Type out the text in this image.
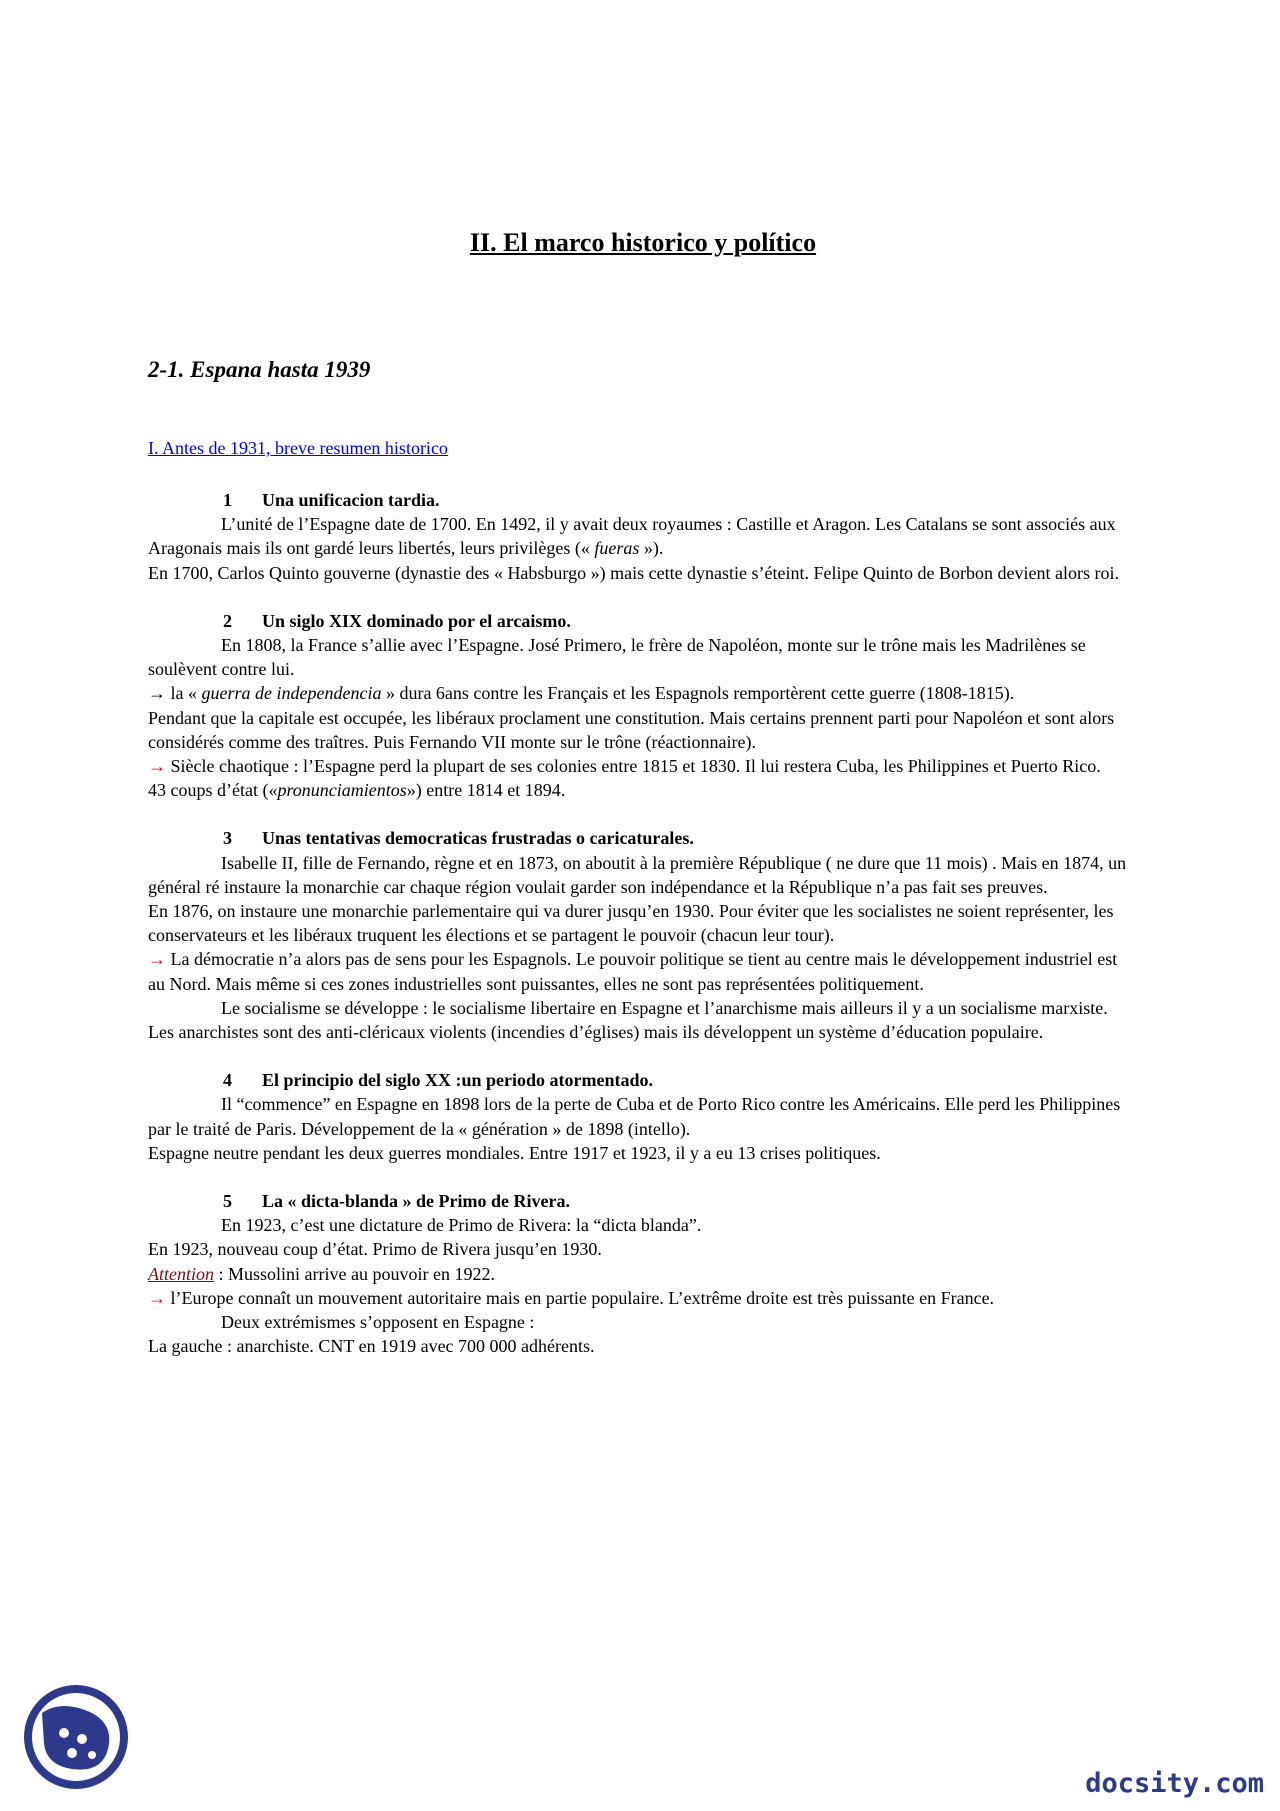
II. El marco historico y político
2-1. Espana hasta 1939
I. Antes de 1931, breve resumen historico
1 Una unificacion tardia.

L’unité de l’Espagne date de 1700. En 1492, il y avait deux royaumes : Castille et Aragon. Les Catalans se sont associés aux Aragonais mais ils ont gardé leurs libertés, leurs privilèges (« fueras »).

En 1700, Carlos Quinto gouverne (dynastie des « Habsburgo ») mais cette dynastie s’éteint. Felipe Quinto de Borbon devient alors roi.

2 Un siglo XIX dominado por el arcaismo.

En 1808, la France s’allie avec l’Espagne. José Primero, le frère de Napoléon, monte sur le trône mais les Madrilènes se soulèvent contre lui.

→ la « guerra de independencia » dura 6ans contre les Français et les Espagnols remportèrent cette guerre (1808-1815).

Pendant que la capitale est occupée, les libéraux proclament une constitution. Mais certains prennent parti pour Napoléon et sont alors considérés comme des traîtres. Puis Fernando VII monte sur le trône (réactionnaire).

→ Siècle chaotique : l’Espagne perd la plupart de ses colonies entre 1815 et 1830. Il lui restera Cuba, les Philippines et Puerto Rico.

43 coups d’état («pronunciamientos») entre 1814 et 1894.

3 Unas tentativas democraticas frustradas o caricaturales.

Isabelle II, fille de Fernando, règne et en 1873, on aboutit à la première République ( ne dure que 11 mois) . Mais en 1874, un général ré instaure la monarchie car chaque région voulait garder son indépendance et la République n’a pas fait ses preuves.

En 1876, on instaure une monarchie parlementaire qui va durer jusqu’en 1930. Pour éviter que les socialistes ne soient représenter, les conservateurs et les libéraux truquent les élections et se partagent le pouvoir (chacun leur tour).

→ La démocratie n’a alors pas de sens pour les Espagnols. Le pouvoir politique se tient au centre mais le développement industriel est au Nord. Mais même si ces zones industrielles sont puissantes, elles ne sont pas représentées politiquement.

Le socialisme se développe : le socialisme libertaire en Espagne et l’anarchisme mais ailleurs il y a un socialisme marxiste.

Les anarchistes sont des anti-cléricaux violents (incendies d’églises) mais ils développent un système d’éducation populaire.

4 El principio del siglo XX :un periodo atormentado.

Il “commence” en Espagne en 1898 lors de la perte de Cuba et de Porto Rico contre les Américains. Elle perd les Philippines par le traité de Paris. Développement de la « génération » de 1898 (intello).

Espagne neutre pendant les deux guerres mondiales. Entre 1917 et 1923, il y a eu 13 crises politiques.

5 La « dicta-blanda » de Primo de Rivera.

En 1923, c’est une dictature de Primo de Rivera: la “dicta blanda”.

En 1923, nouveau coup d’état. Primo de Rivera jusqu’en 1930.

Attention : Mussolini arrive au pouvoir en 1922.

→ l’Europe connaît un mouvement autoritaire mais en partie populaire. L’extrême droite est très puissante en France.

Deux extrémismes s’opposent en Espagne :

La gauche : anarchiste. CNT en 1919 avec 700 000 adhérents.

docsity.com
